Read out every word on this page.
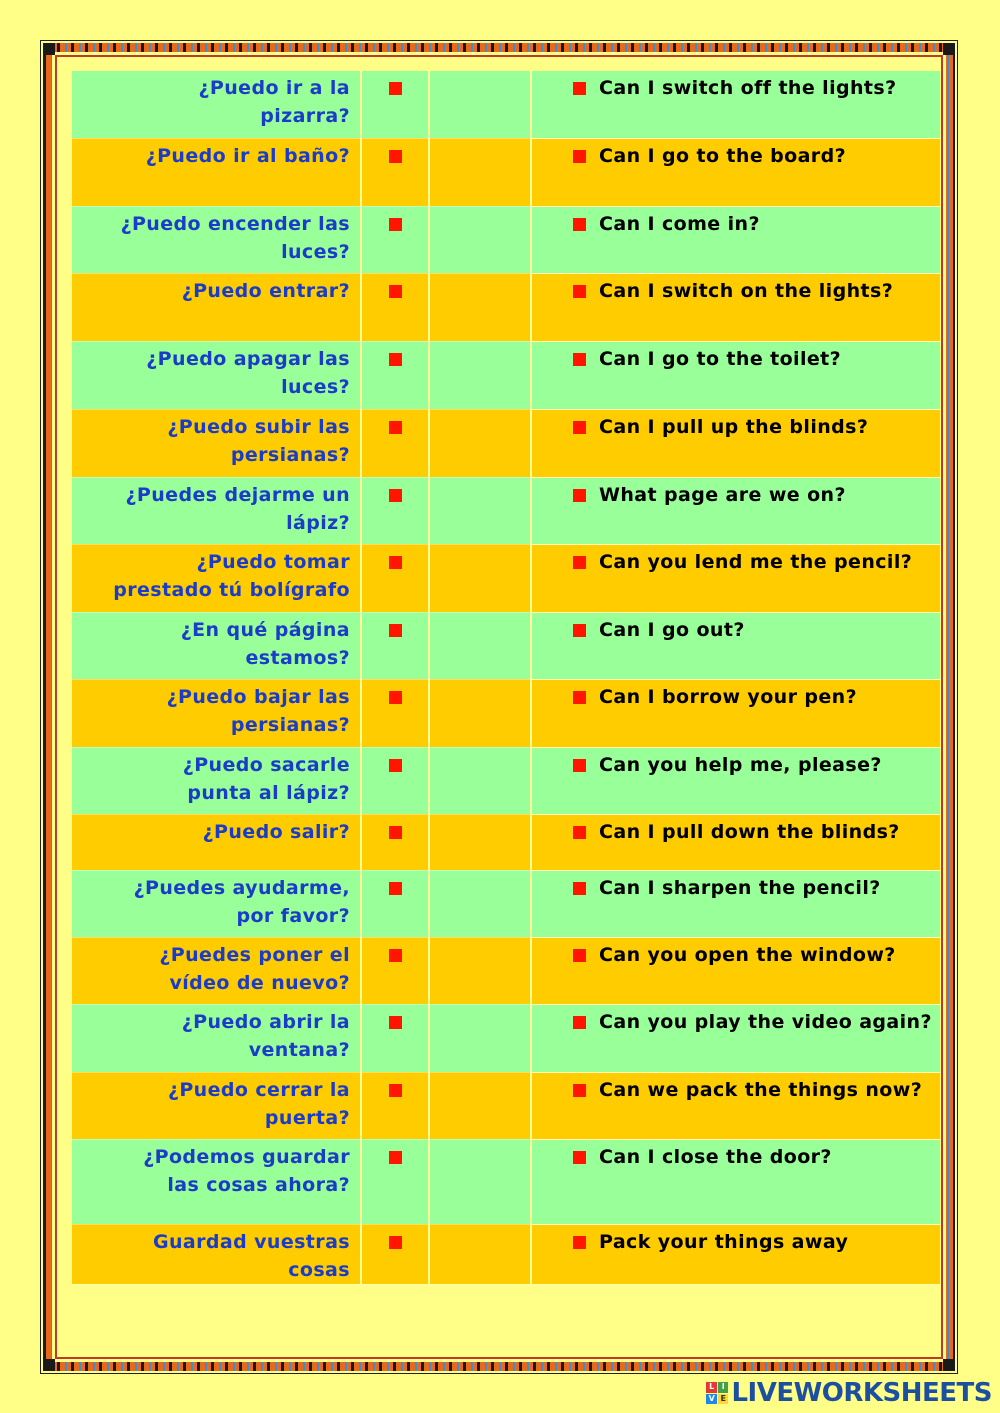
¿Puedo ir a la pizarra?			Can I switch off the lights?
¿Puedo ir al baño?			Can I go to the board?
¿Puedo encender las luces?			Can I come in?
¿Puedo entrar?			Can I switch on the lights?
¿Puedo apagar las luces?			Can I go to the toilet?
¿Puedo subir las persianas?			Can I pull up the blinds?
¿Puedes dejarme un lápiz?			What page are we on?
¿Puedo tomar prestado tú bolígrafo			Can you lend me the pencil?
¿En qué página estamos?			Can I go out?
¿Puedo bajar las persianas?			Can I borrow your pen?
¿Puedo sacarle punta al lápiz?			Can you help me, please?
¿Puedo salir?			Can I pull down the blinds?
¿Puedes ayudarme, por favor?			Can I sharpen the pencil?
¿Puedes poner el vídeo de nuevo?			Can you open the window?
¿Puedo abrir la ventana?			Can you play the video again?
¿Puedo cerrar la puerta?			Can we pack the things now?
¿Podemos guardar las cosas ahora?			Can I close the door?
Guardad vuestras cosas			Pack your things away
L I
V E LIVEWORKSHEETS
